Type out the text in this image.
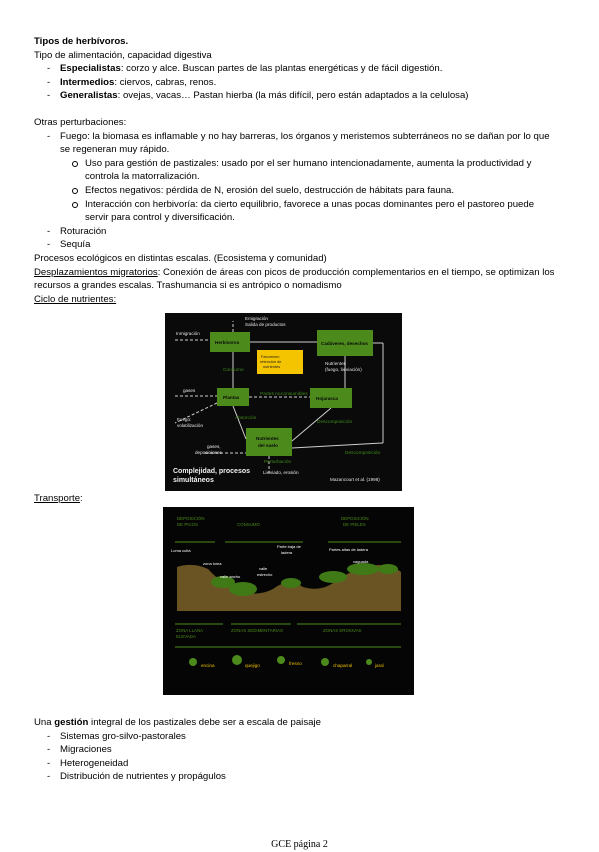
Tipos de herbívoros.
Tipo de alimentación, capacidad digestiva
- Especialistas: corzo y alce. Buscan partes de las plantas energéticas y de fácil digestión.
- Intermedios: ciervos, cabras, renos.
- Generalistas: ovejas, vacas… Pastan hierba (la más difícil, pero están adaptados a la celulosa)
Otras perturbaciones:
- Fuego: la biomasa es inflamable y no hay barreras, los órganos y meristemos subterráneos no se dañan por lo que
se regeneran muy rápido.
Uso para gestión de pastizales: usado por el ser humano intencionadamente, aumenta la productividad y
controla la matorralización.
Efectos negativos: pérdida de N, erosión del suelo, destrucción de hábitats para fauna.
Interacción con herbivoría: da cierto equilibrio, favorece a unas pocas dominantes pero el pastoreo puede
servir para control y diversificación.
- Roturación
- Sequía
Procesos ecológicos en distintas escalas. (Ecosistema y comunidad)
Desplazamientos migratorios: Conexión de áreas con picos de producción complementarios en el tiempo, se optimizan los
recursos a grandes escalas. Trashumancia si es antrópico o nomadismo
Ciclo de nutrientes:
Inmigración
Emigración
Salida de productos
Nutrientes
(fuego, lixiviación)
gases
Fuego:
volatilización
gases,
deposiciones
Lixiviado, erosión
Mazancourt et al. (1998)
Consumo
Partes no consumibles
Absorción
Descomposición
Perturbación
Descomposición
Herbívoros	Cadáveres, desechos
Plantas	Hojarasca
Nutrientes
del suelo
Favorecen
retención de
nutrientes
Complejidad, procesos
simultáneos
Transporte:
DEPOSICIÓN
DE PICOS	CONSUMO
DEPOSICIÓN
DE PIELES
ZONA LLANA
ELEVADA
ZONAS SEDIMENTARIAS	ZONAS EROSIVAS
Loma culta
zona loma
valle ancho
Parte baja de
ladera
valle
estrecho
Partes altas de ladera
vaguada
encina	quejigo	fresno	chaparral	jaral
Una gestión integral de los pastizales debe ser a escala de paisaje
- Sistemas gro-silvo-pastorales
- Migraciones
- Heterogeneidad
- Distribución de nutrientes y propágulos
GCE página 2
